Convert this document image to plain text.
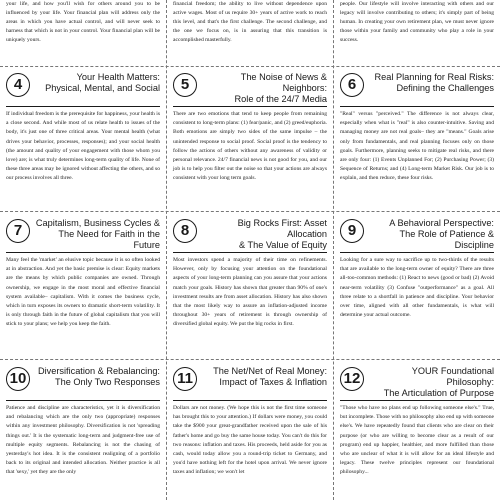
your life, and how you'll wish for others around you to be influenced by your life. Your financial plan will address only the areas in which you have actual control, and will never seek to harness that which is not in your control. Your financial plan will be uniquely yours.
financial freedom; the ability to live without dependence upon active wages. Most of us require 30+ years of active work to reach this level, and that's the first challenge. The second challenge, and the one we focus on, is in assuring that this transition is accomplished masterfully.
people. Our lifestyle will involve interacting with others and our legacy will involve contributing to others; it's simply part of being human. In creating your own retirement plan, we must never ignore those within your family and community who play a role in your success.
4	Your Health Matters:
Physical, Mental, and Social
If individual freedom is the prerequisite for happiness, your health is a close second. And while most of us relate health to issues of the body, it's just one of three critical areas. Your mental health (what drives your behavior, processes, responses); and your social health (the amount and quality of your engagement with those whom you love) are; is what truly determines long-term quality of life. None of these three areas may be ignored without affecting the others, and so our process involves all three.
5	The Noise of News & Neighbors:
Role of the 24/7 Media
There are two emotions that tend to keep people from remaining consistent to long-term plans: (1) fear/panic, and (2) greed/euphoria. Both emotions are simply two sides of the same impulse – the unintended response to social proof. Social proof is the tendency to follow the actions of others without any awareness of validity or personal relevance. 24/7 financial news is not good for you, and our job is to help you filter out the noise so that your actions are always consistent with your long term goals.
6	Real Planning for Real Risks:
Defining the Challenges
"Real" versus "perceived." The difference is not always clear, especially when what is "real" is also counter-intuitive. Saving and managing money are not real goals– they are "means." Goals arise only from fundamentals, and real planning focuses only on those goals. Furthermore, planning seeks to mitigate real risks, and there are only four: (1) Events Unplanned For; (2) Purchasing Power; (3) Sequence of Returns; and (4) Long-term Market Risk. Our job is to explain, and then reduce, these four risks.
7	Capitalism, Business Cycles &
The Need for Faith in the Future
Many feel the 'market' an elusive topic because it is so often looked at in abstraction. And yet the basic premise is clear: Equity markets are the means by which public companies are owned. Through ownership, we engage in the most moral and effective financial system available– capitalism. With it comes the business cycle, which in turn exposes its owners to dramatic short-term volatility. It is only through faith in the future of global capitalism that you will stick to your plans; we help you keep the faith.
8	Big Rocks First: Asset Allocation
& The Value of Equity
Most investors spend a majority of their time on refinements. However, only by focusing your attention on the foundational aspects of your long-term planning can you assure that your actions match your goals. History has shown that greater than 90% of one's investment results are from asset allocation. History has also shown that the most likely way to assure an inflation-adjusted income throughout 30+ years of retirement is through ownership of diversified global equity. We put the big rocks in first.
9	A Behavioral Perspective:
The Role of Patience & Discipline
Looking for a sure way to sacrifice up to two-thirds of the results that are available to the long-term owner of equity? There are three all-too-common methods: (1) React to news (good or bad) (2) Avoid near-term volatility (3) Confuse "outperformance" as a goal. All three relate to a shortfall in patience and discipline. Your behavior over time, aligned with all other fundamentals, is what will determine your actual outcome.
10	Diversification & Rebalancing:
The Only Two Responses
Patience and discipline are characteristics, yet it is diversification and rebalancing which are the only two (appropriate) responses within any investment philosophy. Diversification is not 'spreading things out.' It is the systematic long-term and judgment-free use of multiple equity segments. Rebalancing is not the chasing of yesterday's hot idea. It is the consistent realigning of a portfolio back to its original and intended allocation. Neither practice is all that 'sexy,' yet they are the only
11	The Net/Net of Real Money:
Impact of Taxes & Inflation
Dollars are not money. (We hope this is not the first time someone has brought this to your attention.) If dollars were money, you could take the $900 your great-grandfather received upon the sale of his father's home and go buy the same house today. You can't do this for two reasons: inflation and taxes. His proceeds, held aside for you as cash, would today allow you a round-trip ticket to Germany, and you'd have nothing left for the hotel upon arrival. We never ignore taxes and inflation; we won't let
12	YOUR Foundational Philosophy:
The Articulation of Purpose
"Those who have no plans end up following someone else's." True, but incomplete. Those with no philosophy also end up with someone else's. We have repeatedly found that clients who are clear on their purpose (or who are willing to become clear as a result of our program) end up happier, healthier, and more fulfilled than those who are unclear of what it is will allow for an ideal lifestyle and legacy. These twelve principles represent our foundational philosophy...
